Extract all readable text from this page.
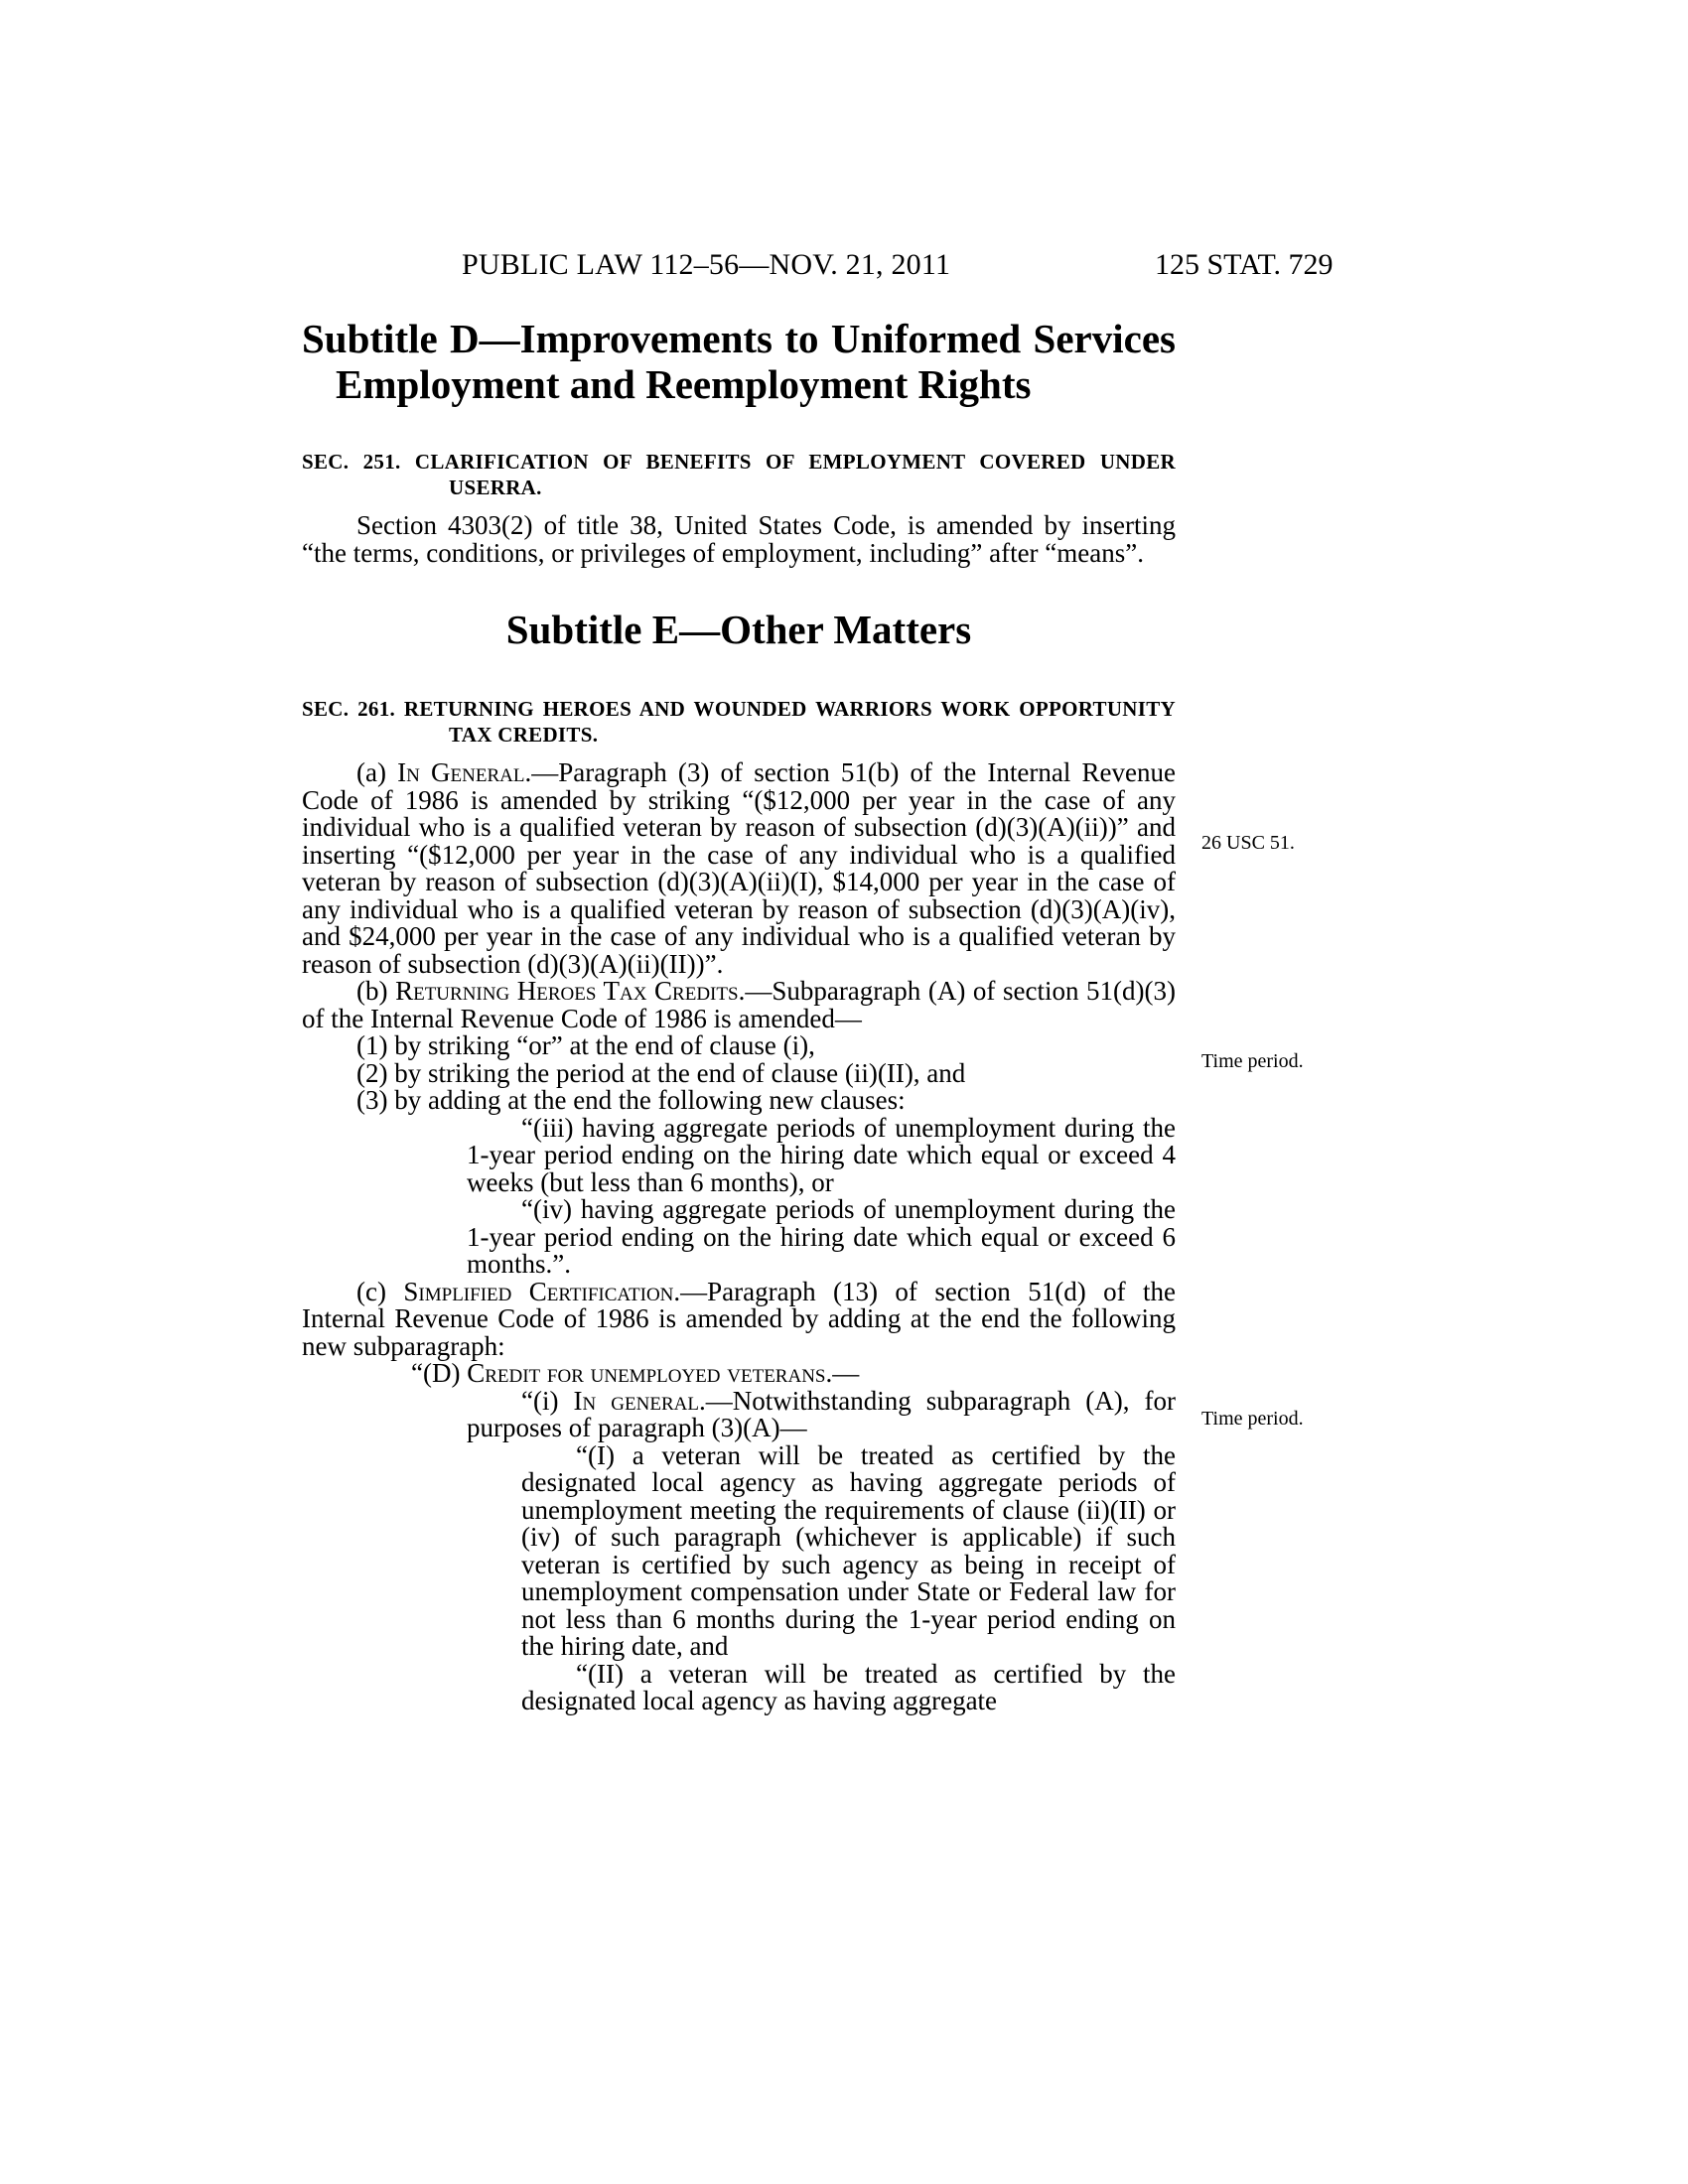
PUBLIC LAW 112–56—NOV. 21, 2011	125 STAT. 729
Subtitle D—Improvements to Uniformed Services Employment and Reemployment Rights
SEC. 251. CLARIFICATION OF BENEFITS OF EMPLOYMENT COVERED UNDER USERRA.

Section 4303(2) of title 38, United States Code, is amended by inserting “the terms, conditions, or privileges of employment, including” after “means”.

Subtitle E—Other Matters
SEC. 261. RETURNING HEROES AND WOUNDED WARRIORS WORK OPPORTUNITY TAX CREDITS.

(a) In General.—Paragraph (3) of section 51(b) of the Internal Revenue Code of 1986 is amended by striking “($12,000 per year in the case of any individual who is a qualified veteran by reason of subsection (d)(3)(A)(ii))” and inserting “($12,000 per year in the case of any individual who is a qualified veteran by reason of subsection (d)(3)(A)(ii)(I), $14,000 per year in the case of any individual who is a qualified veteran by reason of subsection (d)(3)(A)(iv), and $24,000 per year in the case of any individual who is a qualified veteran by reason of subsection (d)(3)(A)(ii)(II))”.

(b) Returning Heroes Tax Credits.—Subparagraph (A) of section 51(d)(3) of the Internal Revenue Code of 1986 is amended—

(1) by striking “or” at the end of clause (i),

(2) by striking the period at the end of clause (ii)(II), and

(3) by adding at the end the following new clauses:

“(iii) having aggregate periods of unemployment during the 1-year period ending on the hiring date which equal or exceed 4 weeks (but less than 6 months), or

“(iv) having aggregate periods of unemployment during the 1-year period ending on the hiring date which equal or exceed 6 months.”.

(c) Simplified Certification.—Paragraph (13) of section 51(d) of the Internal Revenue Code of 1986 is amended by adding at the end the following new subparagraph:

“(D) Credit for unemployed veterans.—

“(i) In general.—Notwithstanding subparagraph (A), for purposes of paragraph (3)(A)—

“(I) a veteran will be treated as certified by the designated local agency as having aggregate periods of unemployment meeting the requirements of clause (ii)(II) or (iv) of such paragraph (whichever is applicable) if such veteran is certified by such agency as being in receipt of unemployment compensation under State or Federal law for not less than 6 months during the 1-year period ending on the hiring date, and

“(II) a veteran will be treated as certified by the designated local agency as having aggregate

26 USC 51.
Time period.
Time period.
